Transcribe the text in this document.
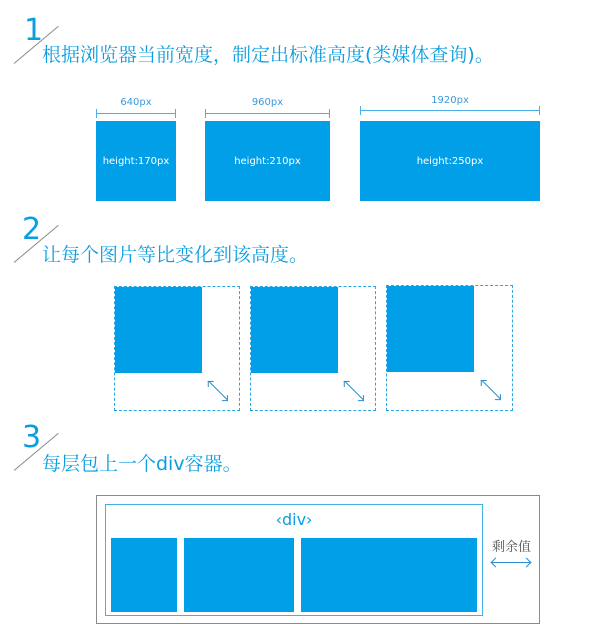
1
根据浏览器当前宽度，制定出标准高度(类媒体查询)。
640px	960px	1920px
height:170px	height:210px	height:250px
2
让每个图片等比变化到该高度。
3
每层包上一个div容器。
‹div›
剩余值
